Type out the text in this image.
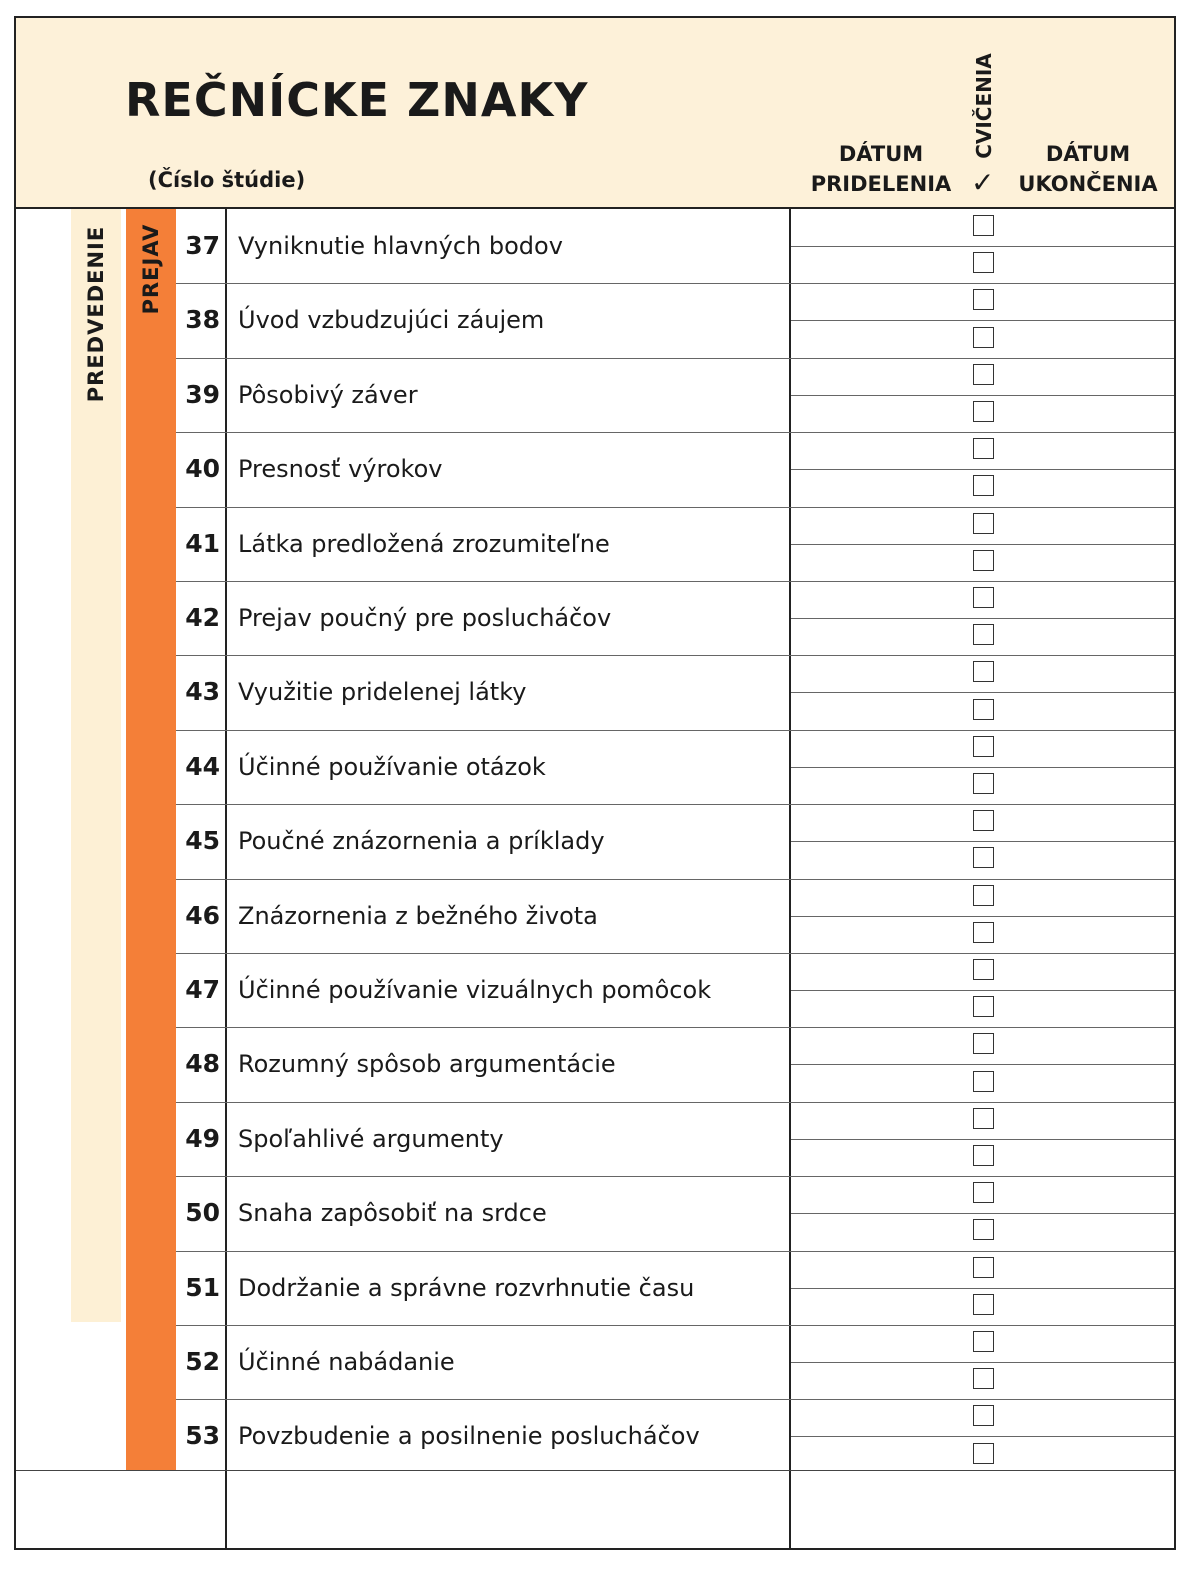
REČNÍCKE ZNAKY
(Číslo štúdie)
DÁTUM
PRIDELENIA
CVIČENIA
✓
DÁTUM
UKONČENIA
PREDVEDENIE PREJAV 37 Vyniknutie hlavných bodov
38 Úvod vzbudzujúci záujem
39 Pôsobivý záver
40 Presnosť výrokov
41 Látka predložená zrozumiteľne
42 Prejav poučný pre poslucháčov
43 Využitie pridelenej látky
44 Účinné používanie otázok
45 Poučné znázornenia a príklady
46 Znázornenia z bežného života
47 Účinné používanie vizuálnych pomôcok
48 Rozumný spôsob argumentácie
49 Spoľahlivé argumenty
50 Snaha zapôsobiť na srdce
51 Dodržanie a správne rozvrhnutie času
52 Účinné nabádanie
53 Povzbudenie a posilnenie poslucháčov
